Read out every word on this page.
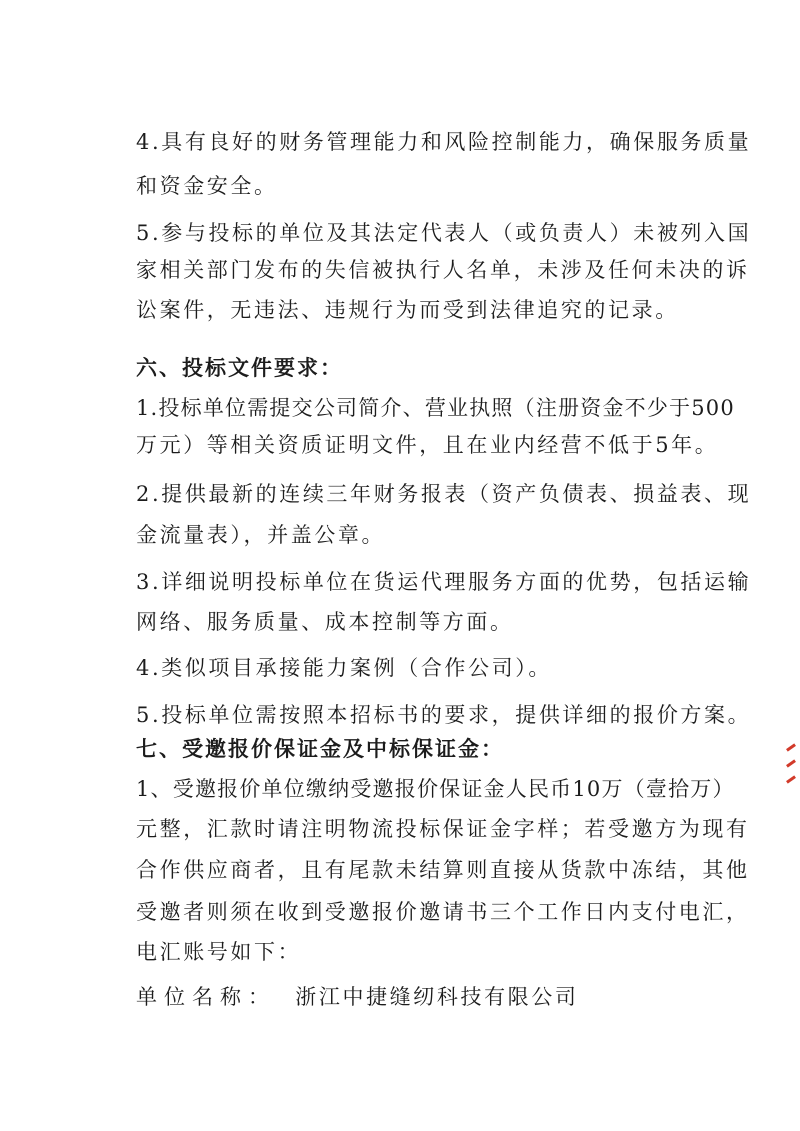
4.具有良好的财务管理能力和风险控制能力，确保服务质量
和资金安全。
5.参与投标的单位及其法定代表人（或负责人）未被列入国
家相关部门发布的失信被执行人名单，未涉及任何未决的诉
讼案件，无违法、违规行为而受到法律追究的记录。
六、投标文件要求：
1.投标单位需提交公司简介、营业执照（注册资金不少于500
万元）等相关资质证明文件，且在业内经营不低于5年。
2.提供最新的连续三年财务报表（资产负债表、损益表、现
金流量表），并盖公章。
3.详细说明投标单位在货运代理服务方面的优势，包括运输
网络、服务质量、成本控制等方面。
4.类似项目承接能力案例（合作公司）。
5.投标单位需按照本招标书的要求，提供详细的报价方案。
七、受邀报价保证金及中标保证金：
1、受邀报价单位缴纳受邀报价保证金人民币10万（壹拾万）
元整，汇款时请注明物流投标保证金字样；若受邀方为现有
合作供应商者，且有尾款未结算则直接从货款中冻结，其他
受邀者则须在收到受邀报价邀请书三个工作日内支付电汇，
电汇账号如下：
单位名称： 浙江中捷缝纫科技有限公司
